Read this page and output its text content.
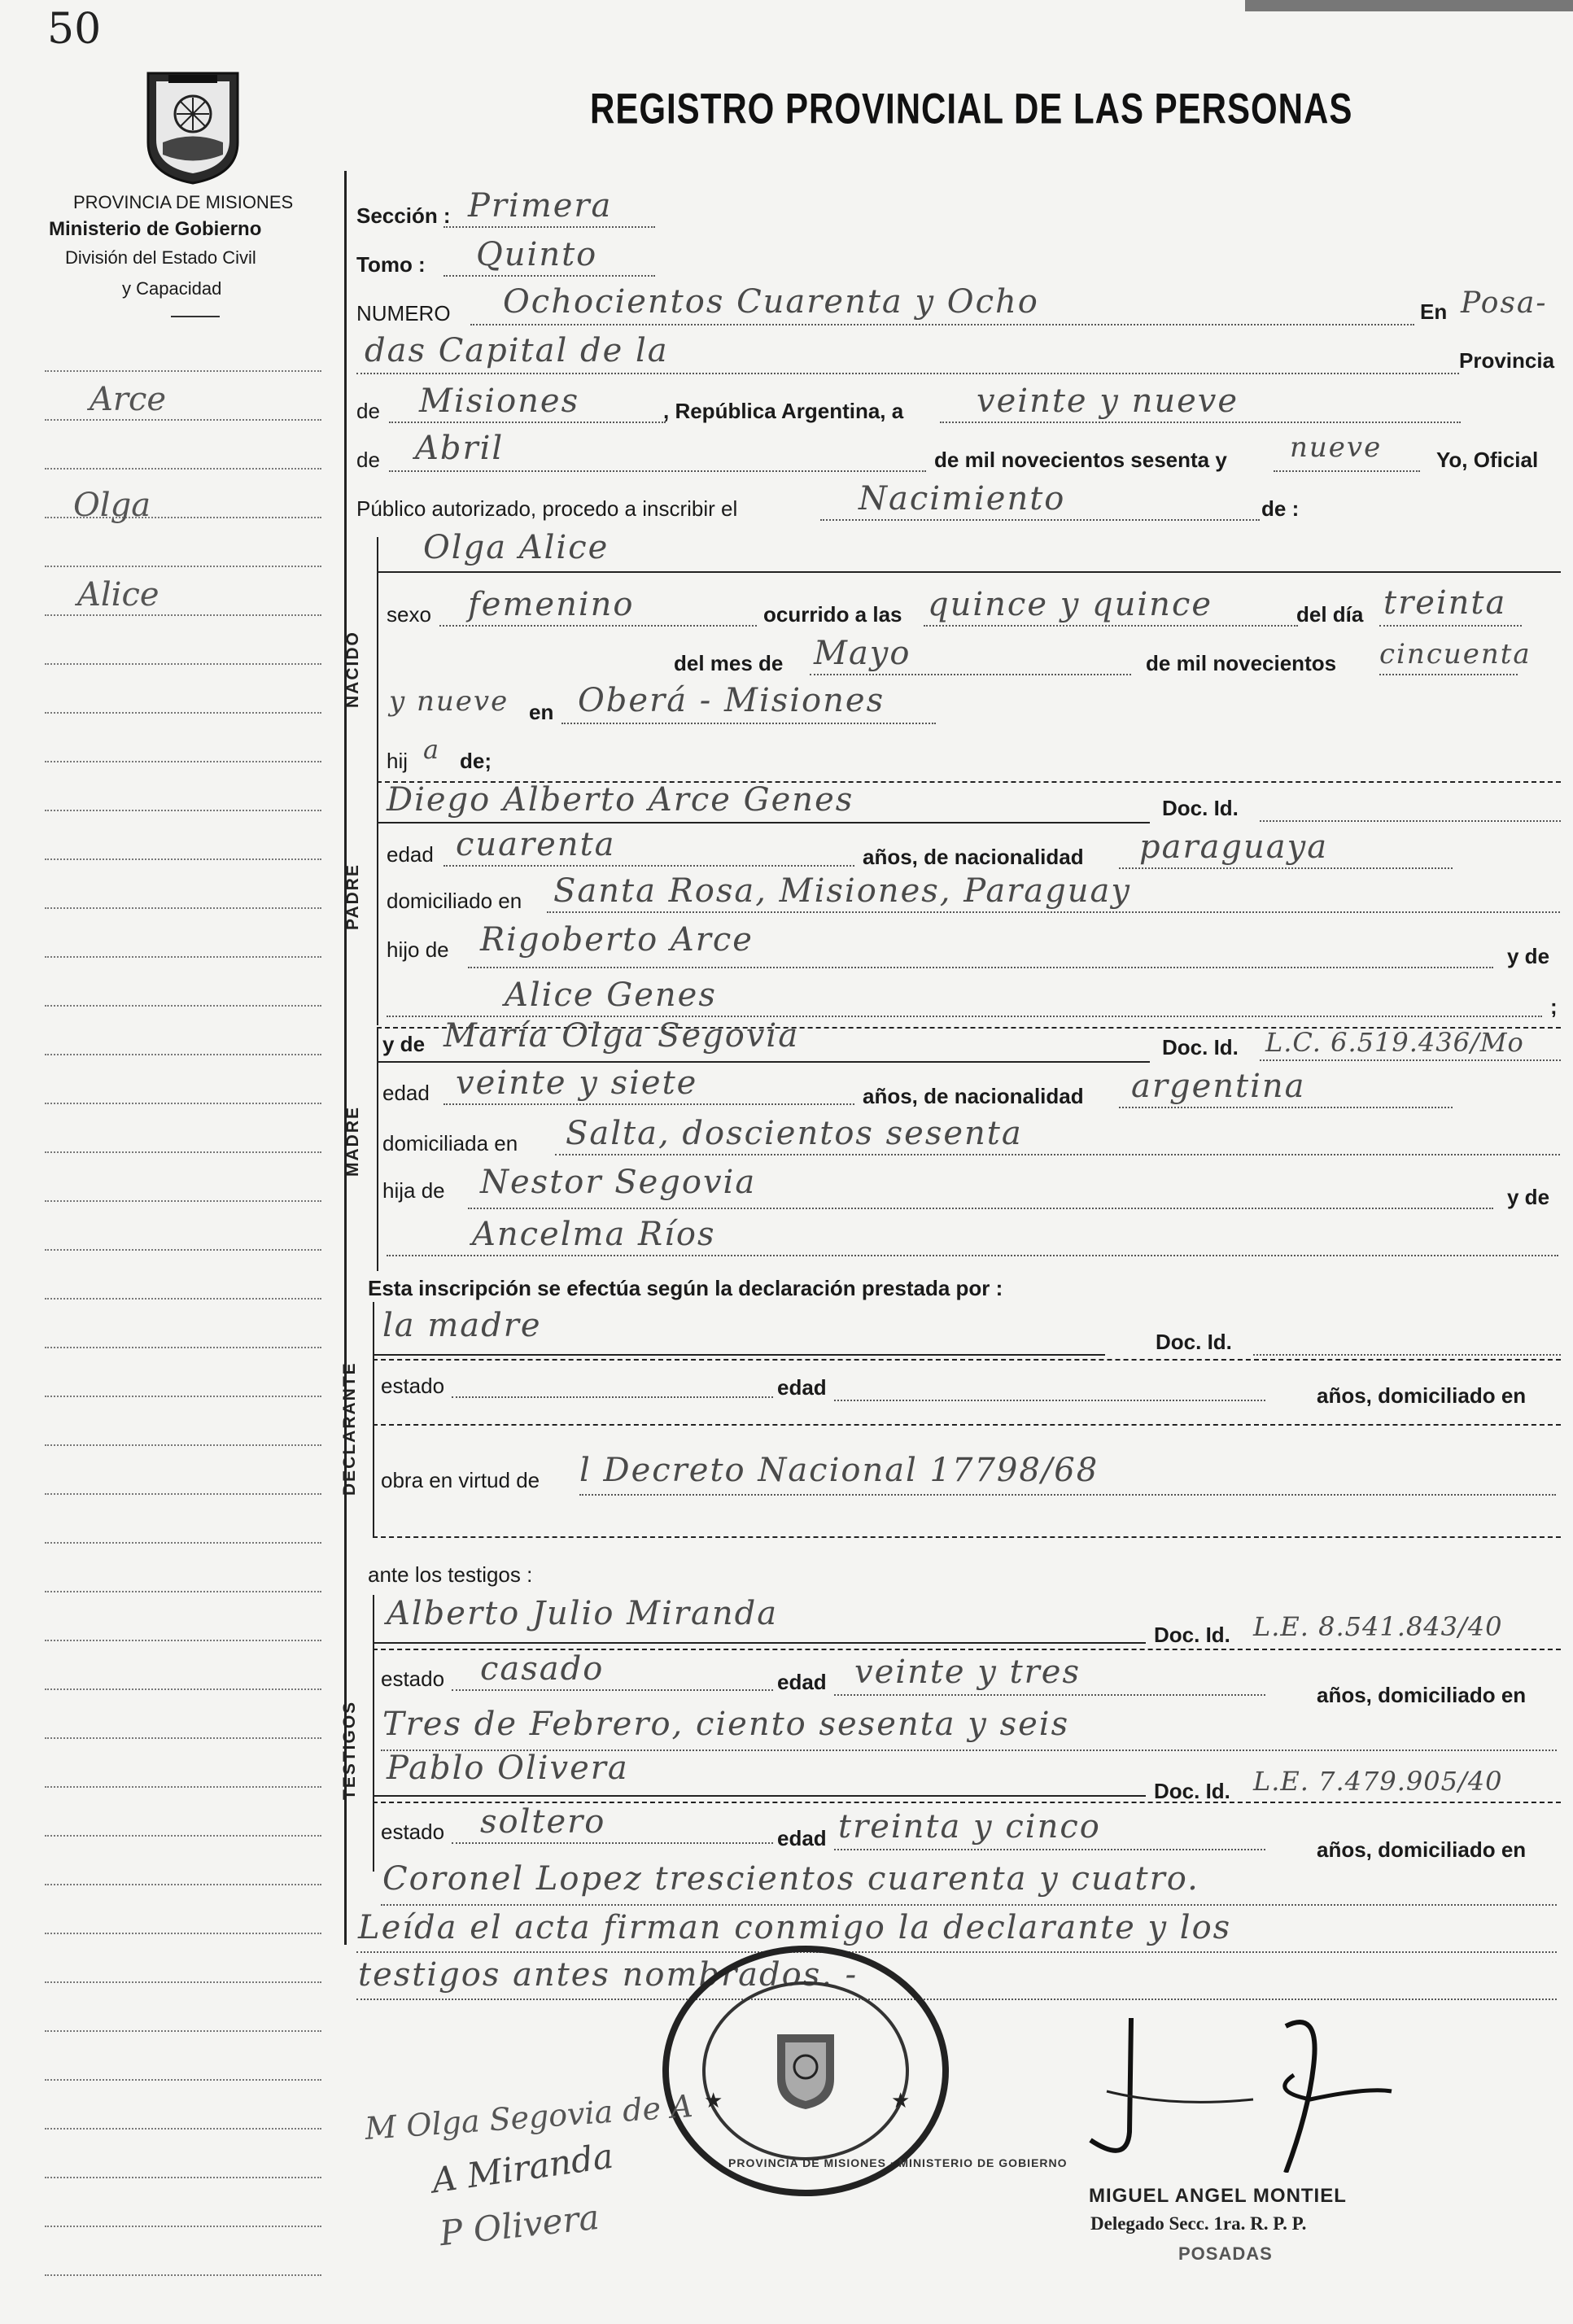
50
PROVINCIA DE MISIONES
Ministerio de Gobierno
División del Estado Civil
y Capacidad
REGISTRO PROVINCIAL DE LAS PERSONAS
Arce
Olga
Alice
Sección : Primera
Tomo : Quinto
NUMERO Ochocientos Cuarenta y Ocho	En Posa-
das Capital de la	Provincia
de Misiones	, República Argentina, a veinte y nueve
de Abril	de mil novecientos sesenta y nueve	Yo, Oficial
Público autorizado, procedo a inscribir el	Nacimiento	de :
NACIDO
Olga Alice
sexo femenino	ocurrido a las quince y quince	del día treinta
del mes de Mayo	de mil novecientos cincuenta
y nueve en Oberá - Misiones
hij a de;
PADRE
Diego Alberto Arce Genes	Doc. Id.
edad cuarenta	años, de nacionalidad paraguaya
domiciliado en Santa Rosa, Misiones, Paraguay
hijo de Rigoberto Arce	y de
Alice Genes	;
MADRE
y de María Olga Segovia	Doc. Id. L.C. 6.519.436/Mo
edad veinte y siete	años, de nacionalidad argentina
domiciliada en Salta, doscientos sesenta
hija de Nestor Segovia	y de
Ancelma Ríos
Esta inscripción se efectúa según la declaración prestada por :
DECLARANTE
la madre	Doc. Id.
estado	edad	años, domiciliado en
obra en virtud de l Decreto Nacional 17798/68
ante los testigos :
TESTIGOS
Alberto Julio Miranda
Doc. Id. L.E. 8.541.843/40
estado casado	edad veinte y tres
años, domiciliado en
Tres de Febrero, ciento sesenta y seis
Pablo Olivera
Doc. Id. L.E. 7.479.905/40
estado soltero	edad treinta y cinco
años, domiciliado en
Coronel Lopez trescientos cuarenta y cuatro.
Leída el acta firman conmigo la declarante y los
testigos antes nombrados. -
★	★
PROVINCIA DE MISIONES · MINISTERIO DE GOBIERNO
M Olga Segovia de A
A Miranda
P Olivera
MIGUEL ANGEL MONTIEL
Delegado Secc. 1ra. R. P. P.
POSADAS
